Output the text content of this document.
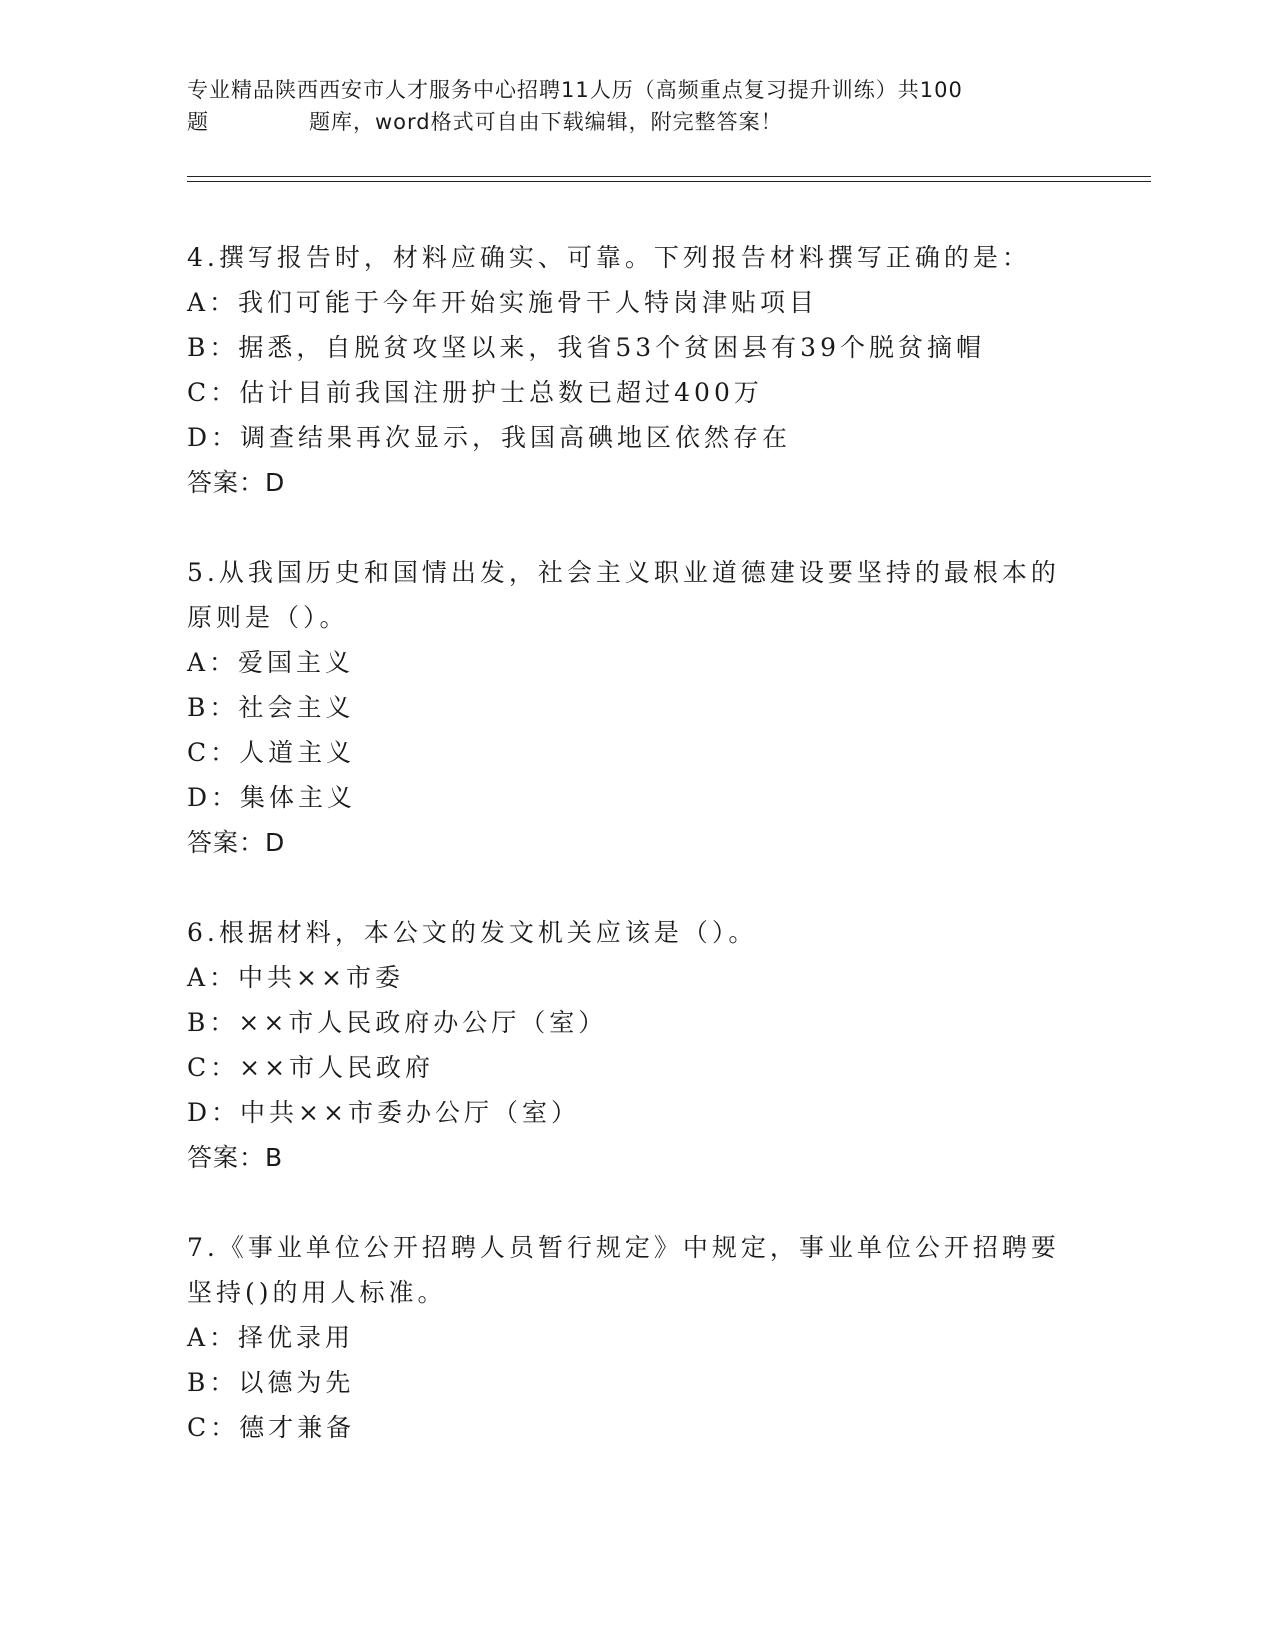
专业精品陕西西安市人才服务中心招聘11人历（高频重点复习提升训练）共100
题	题库，word格式可自由下载编辑，附完整答案！
4.撰写报告时，材料应确实、可靠。下列报告材料撰写正确的是：
A：我们可能于今年开始实施骨干人特岗津贴项目
B：据悉，自脱贫攻坚以来，我省53个贫困县有39个脱贫摘帽
C：估计目前我国注册护士总数已超过400万
D：调查结果再次显示，我国高碘地区依然存在
答案：D
5.从我国历史和国情出发，社会主义职业道德建设要坚持的最根本的原则是（）。
A：爱国主义
B：社会主义
C：人道主义
D：集体主义
答案：D
6.根据材料，本公文的发文机关应该是（）。
A：中共××市委
B：××市人民政府办公厅（室）
C：××市人民政府
D：中共××市委办公厅（室）
答案：B
7.《事业单位公开招聘人员暂行规定》中规定，事业单位公开招聘要坚持()的用人标准。
A：择优录用
B：以德为先
C：德才兼备
